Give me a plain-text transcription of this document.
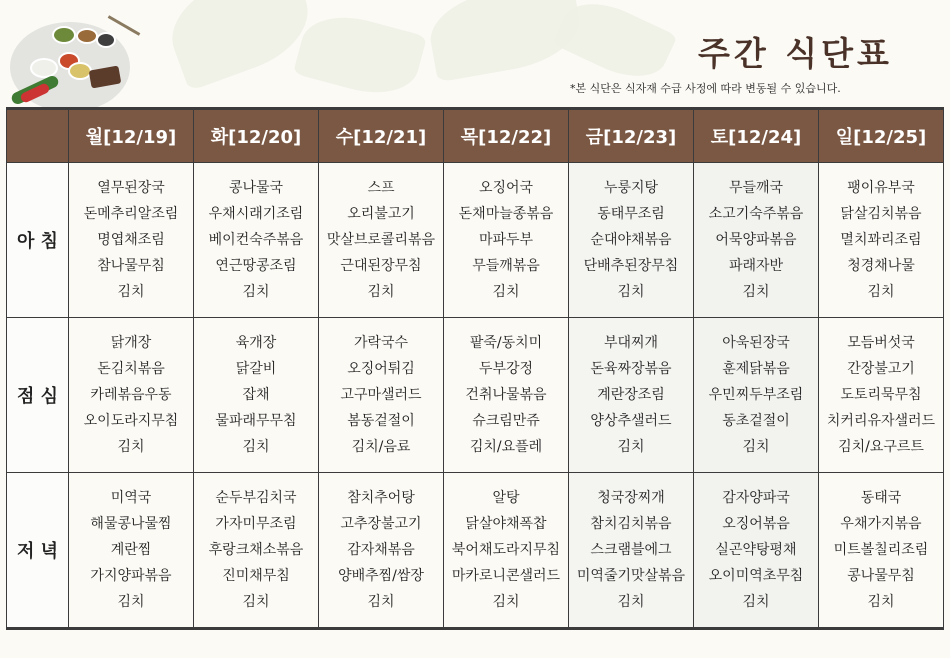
주간 식단표
*본 식단은 식자재 수급 사정에 따라 변동될 수 있습니다.
	월[12/19]	화[12/20]	수[12/21]	목[12/22]	금[12/23]	토[12/24]	일[12/25]
아 침	열무된장국
돈메추리알조림
명엽채조림
참나물무침
김치	콩나물국
우채시래기조림
베이컨숙주볶음
연근땅콩조림
김치	스프
오리불고기
맛살브로콜리볶음
근대된장무침
김치	오징어국
돈채마늘종볶음
마파두부
무들깨볶음
김치	누룽지탕
동태무조림
순대야채볶음
단배추된장무침
김치	무들깨국
소고기숙주볶음
어묵양파볶음
파래자반
김치	팽이유부국
닭살김치볶음
멸치꽈리조림
청경채나물
김치

점 심	닭개장
돈김치볶음
카레볶음우동
오이도라지무침
김치	육개장
닭갈비
잡채
물파래무무침
김치	가락국수
오징어튀김
고구마샐러드
봄동겉절이
김치/음료	팥죽/동치미
두부강정
건취나물볶음
슈크림만쥬
김치/요플레	부대찌개
돈육짜장볶음
계란장조림
양상추샐러드
김치	아욱된장국
훈제닭볶음
우민찌두부조림
동초겉절이
김치	모듬버섯국
간장불고기
도토리묵무침
치커리유자샐러드
김치/요구르트

저 녁	미역국
해물콩나물찜
계란찜
가지양파볶음
김치	순두부김치국
가자미무조림
후랑크채소볶음
진미채무침
김치	참치추어탕
고추장불고기
감자채볶음
양배추찜/쌈장
김치	알탕
닭살야채폭찹
북어채도라지무침
마카로니콘샐러드
김치	청국장찌개
참치김치볶음
스크램블에그
미역줄기맛살볶음
김치	감자양파국
오징어볶음
실곤약탕평채
오이미역초무침
김치	동태국
우채가지볶음
미트볼칠리조림
콩나물무침
김치
